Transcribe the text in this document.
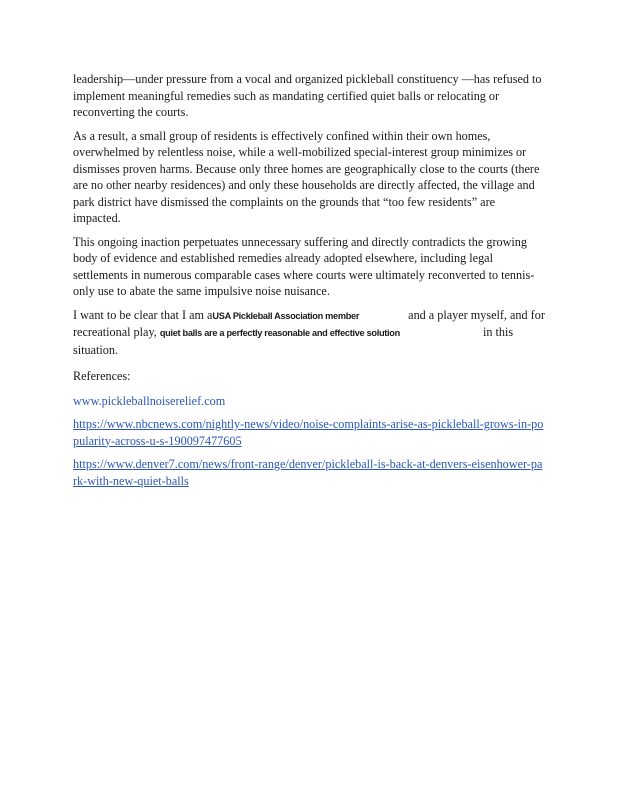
leadership—under pressure from a vocal and organized pickleball constituency —has refused to implement meaningful remedies such as mandating certified quiet balls or relocating or reconverting the courts.

As a result, a small group of residents is effectively confined within their own homes, overwhelmed by relentless noise, while a well-mobilized special-interest group minimizes or dismisses proven harms. Because only three homes are geographically close to the courts (there are no other nearby residences) and only these households are directly affected, the village and park district have dismissed the complaints on the grounds that “too few residents” are impacted.

This ongoing inaction perpetuates unnecessary suffering and directly contradicts the growing body of evidence and established remedies already adopted elsewhere, including legal settlements in numerous comparable cases where courts were ultimately reconverted to tennis-only use to abate the same impulsive noise nuisance.

I want to be clear that I am aUSA Pickleball Association member	and a player myself, and for recreational play, quiet balls are a perfectly reasonable and effective solution	in this situation.

References:

www.pickleballnoiserelief.com

https://www.nbcnews.com/nightly-news/video/noise-complaints-arise-as-pickleball-grows-in-popularity-across-u-s-190097477605

https://www.denver7.com/news/front-range/denver/pickleball-is-back-at-denvers-eisenhower-park-with-new-quiet-balls
